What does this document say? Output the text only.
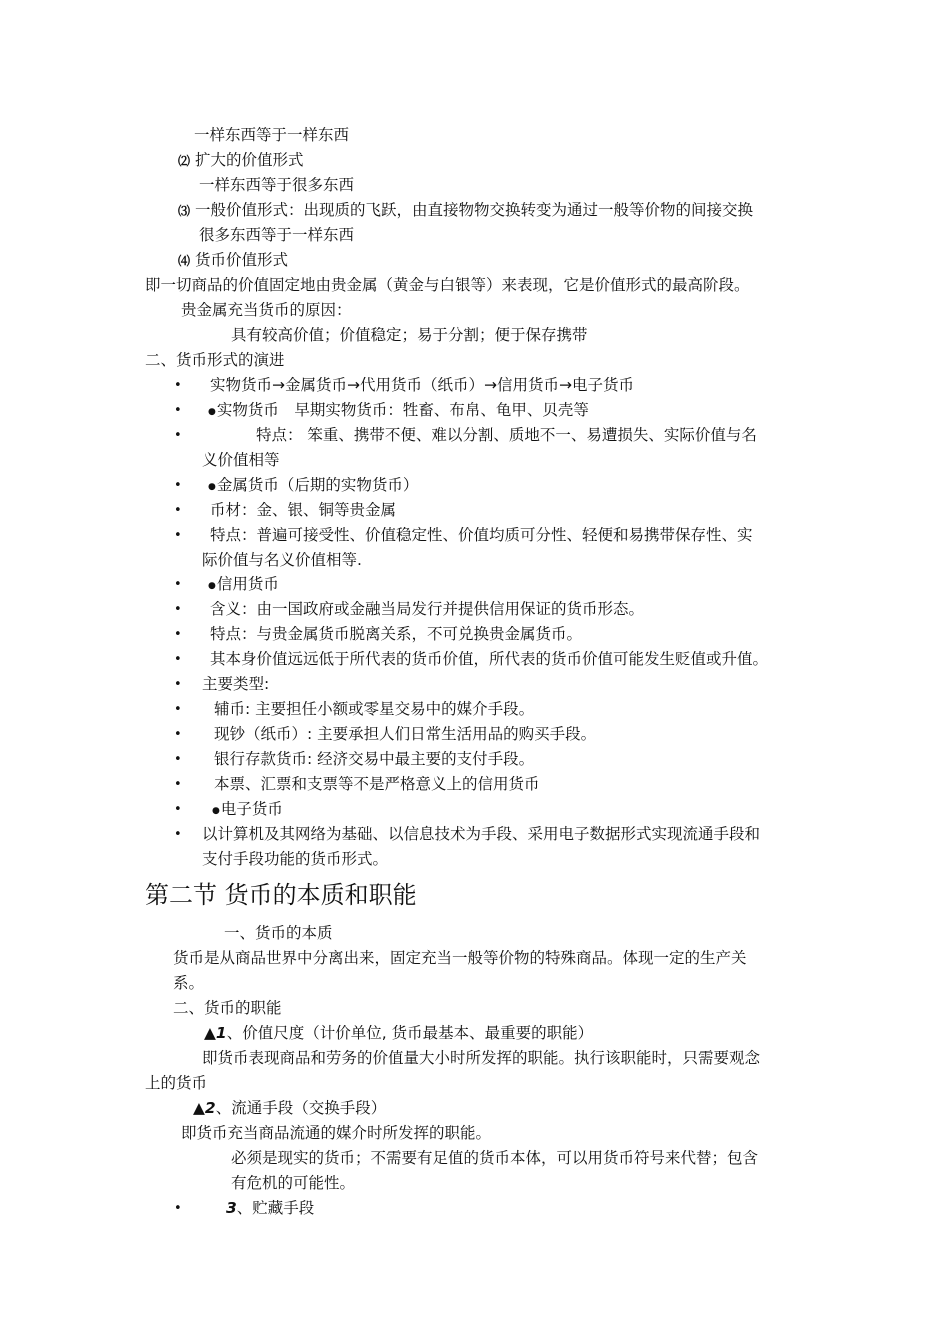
一样东西等于一样东西
⑵ 扩大的价值形式
一样东西等于很多东西
⑶ 一般价值形式：出现质的飞跃，由直接物物交换转变为通过一般等价物的间接交换
很多东西等于一样东西
⑷ 货币价值形式
即一切商品的价值固定地由贵金属（黄金与白银等）来表现，它是价值形式的最高阶段。
贵金属充当货币的原因：
具有较高价值；价值稳定；易于分割；便于保存携带
二、货币形式的演进
• 实物货币→金属货币→代用货币（纸币）→信用货币→电子货币
•	●实物货币　早期实物货币：牲畜、布帛、龟甲、贝壳等
•	特点： 笨重、携带不便、难以分割、质地不一、易遭损失、实际价值与名
义价值相等
•	●金属货币（后期的实物货币）
• 币材：金、银、铜等贵金属
• 特点：普遍可接受性、价值稳定性、价值均质可分性、轻便和易携带保存性、实
际价值与名义价值相等.
•	●信用货币
• 含义：由一国政府或金融当局发行并提供信用保证的货币形态。
• 特点：与贵金属货币脱离关系，不可兑换贵金属货币。
• 其本身价值远远低于所代表的货币价值，所代表的货币价值可能发生贬值或升值。
• 主要类型:
• 辅币: 主要担任小额或零星交易中的媒介手段。
• 现钞（纸币）: 主要承担人们日常生活用品的购买手段。
• 银行存款货币: 经济交易中最主要的支付手段。
• 本票、汇票和支票等不是严格意义上的信用货币
•	●电子货币
• 以计算机及其网络为基础、以信息技术为手段、采用电子数据形式实现流通手段和
支付手段功能的货币形式。
第二节 货币的本质和职能
一、货币的本质
货币是从商品世界中分离出来，固定充当一般等价物的特殊商品。体现一定的生产关
系。
二、货币的职能
▲1、价值尺度（计价单位, 货币最基本、最重要的职能）
即货币表现商品和劳务的价值量大小时所发挥的职能。执行该职能时，只需要观念
上的货币
▲2、流通手段（交换手段）
即货币充当商品流通的媒介时所发挥的职能。
必须是现实的货币；不需要有足值的货币本体，可以用货币符号来代替；包含
有危机的可能性。
•	3、贮藏手段
